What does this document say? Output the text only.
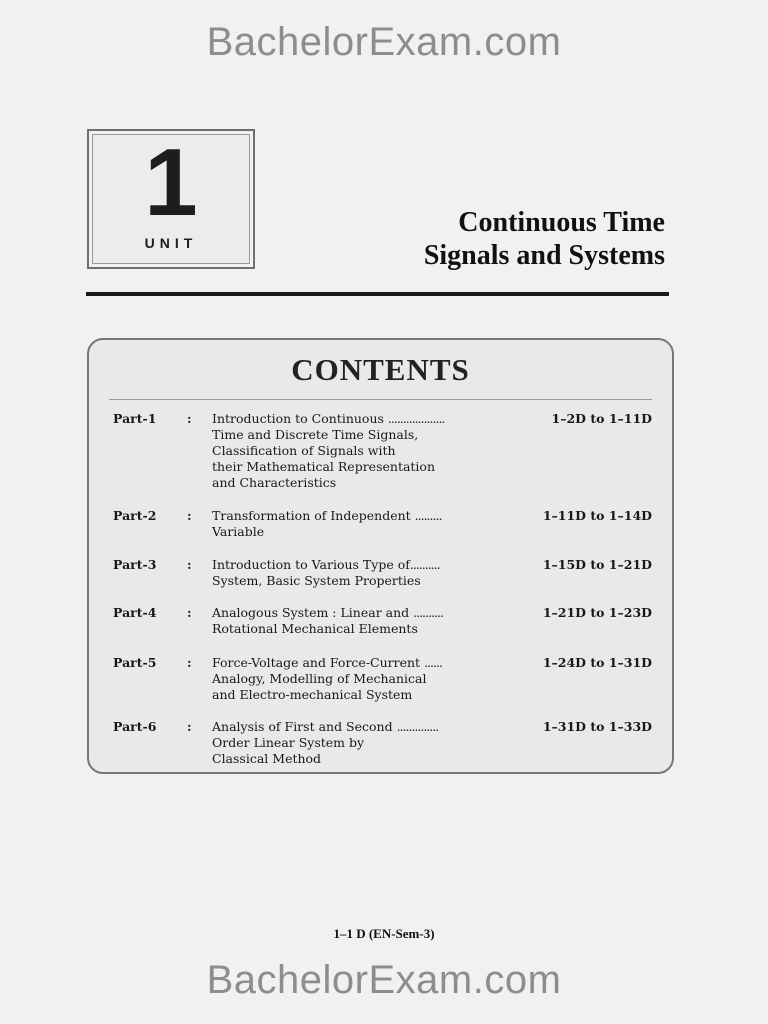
BachelorExam.com
1
UNIT
Continuous Time
Signals and Systems
CONTENTS
Part-1 : Introduction to Continuous ...................
Time and Discrete Time Signals,
Classification of Signals with
their Mathematical Representation
and Characteristics
1–2D to 1–11D
Part-2 : Transformation of Independent .........
Variable
1–11D to 1–14D
Part-3 : Introduction to Various Type of..........
System, Basic System Properties
1–15D to 1–21D
Part-4 : Analogous System : Linear and ..........
Rotational Mechanical Elements
1–21D to 1–23D
Part-5 : Force-Voltage and Force-Current ......
Analogy, Modelling of Mechanical
and Electro-mechanical System
1–24D to 1–31D
Part-6 : Analysis of First and Second ..............
Order Linear System by
Classical Method
1–31D to 1–33D
1–1 D (EN-Sem-3)
BachelorExam.com
